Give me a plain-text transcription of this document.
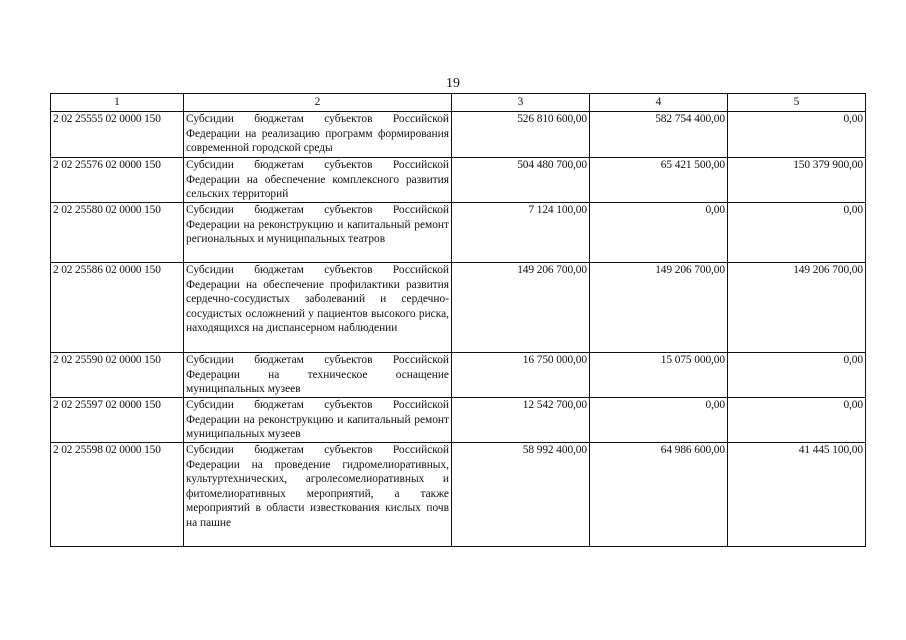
19
1	2	3	4	5
2 02 25555 02 0000 150	Субсидии бюджетам субъектов Российской Федерации на реализацию программ формирования современной городской среды	526 810 600,00	582 754 400,00	0,00
2 02 25576 02 0000 150	Субсидии бюджетам субъектов Российской Федерации на обеспечение комплексного развития сельских территорий	504 480 700,00	65 421 500,00	150 379 900,00
2 02 25580 02 0000 150	Субсидии бюджетам субъектов Российской Федерации на реконструкцию и капитальный ремонт региональных и муниципальных театров	7 124 100,00	0,00	0,00
2 02 25586 02 0000 150	Субсидии бюджетам субъектов Российской Федерации на обеспечение профилактики развития сердечно-сосудистых заболеваний и сердечно-сосудистых осложнений у пациентов высокого риска, находящихся на диспансерном наблюдении	149 206 700,00	149 206 700,00	149 206 700,00
2 02 25590 02 0000 150	Субсидии бюджетам субъектов Российской Федерации на техническое оснащение муниципальных музеев	16 750 000,00	15 075 000,00	0,00
2 02 25597 02 0000 150	Субсидии бюджетам субъектов Российской Федерации на реконструкцию и капитальный ремонт муниципальных музеев	12 542 700,00	0,00	0,00
2 02 25598 02 0000 150	Субсидии бюджетам субъектов Российской Федерации на проведение гидромелиоративных, культуртехнических, агролесомелиоративных и фитомелиоративных мероприятий, а также мероприятий в области известкования кислых почв на пашне	58 992 400,00	64 986 600,00	41 445 100,00
